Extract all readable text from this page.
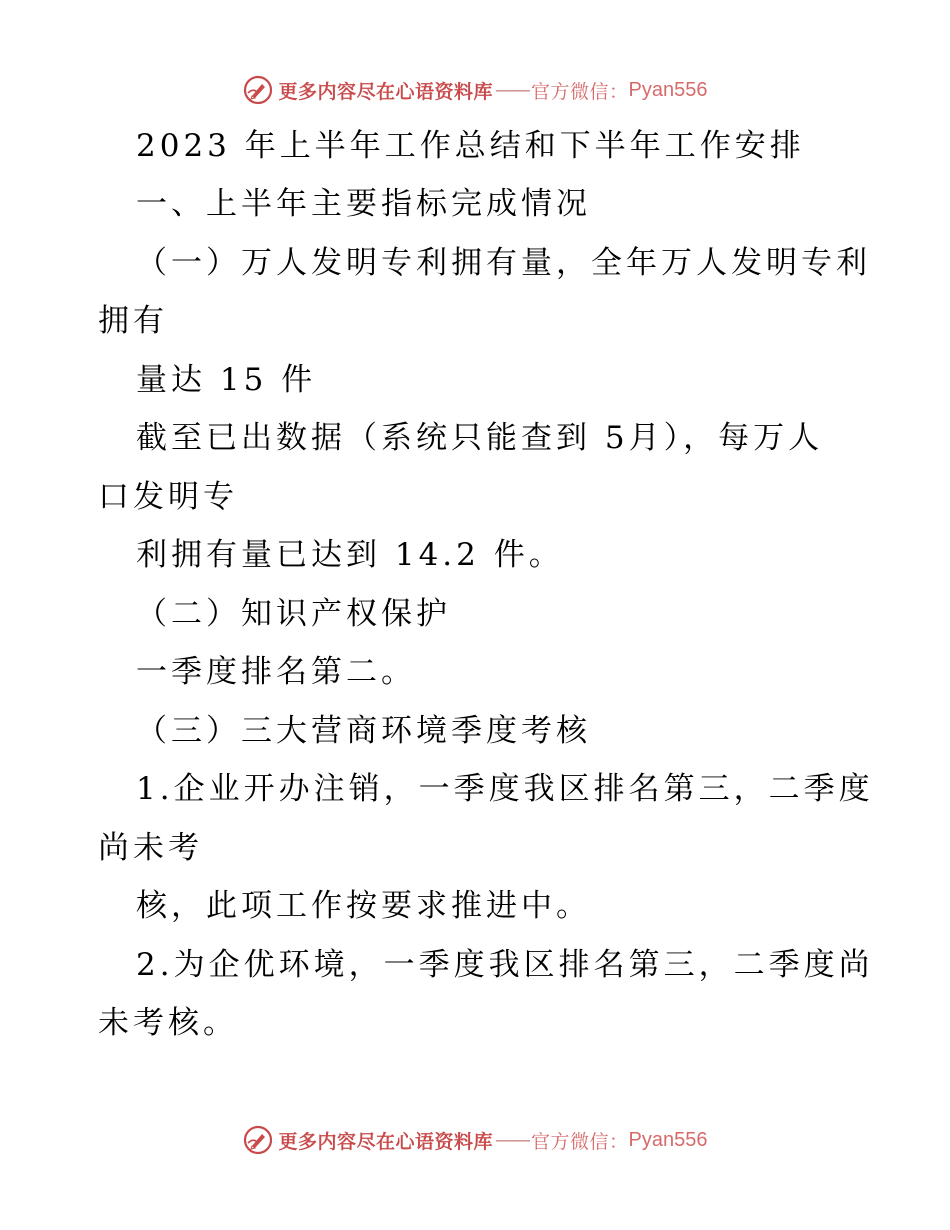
更多内容尽在心语资料库 —— 官方微信： Pyan556
2023 年上半年工作总结和下半年工作安排
一、上半年主要指标完成情况
（一）万人发明专利拥有量，全年万人发明专利
拥有
量达 15 件
截至已出数据（系统只能查到 5月），每万人
口发明专
利拥有量已达到 14.2 件。
（二）知识产权保护
一季度排名第二。
（三）三大营商环境季度考核
1.企业开办注销，一季度我区排名第三，二季度
尚未考
核，此项工作按要求推进中。
2.为企优环境，一季度我区排名第三，二季度尚
未考核。
更多内容尽在心语资料库 —— 官方微信： Pyan556
